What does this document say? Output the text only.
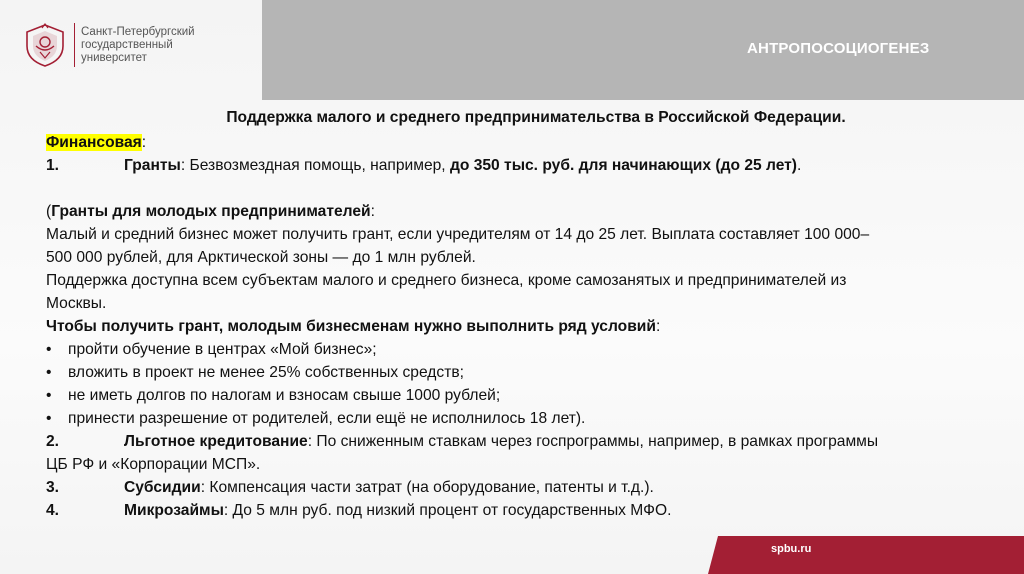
Санкт-Петербургский
государственный
университет
АНТРОПОСОЦИОГЕНЕЗ
Поддержка малого и среднего предпринимательства в Российской Федерации.
Финансовая:
1.	Гранты: Безвозмездная помощь, например, до 350 тыс. руб. для начинающих (до 25 лет).
(Гранты для молодых предпринимателей:
Малый и средний бизнес может получить грант, если учредителям от 14 до 25 лет. Выплата составляет 100 000–
500 000 рублей, для Арктической зоны — до 1 млн рублей.
Поддержка доступна всем субъектам малого и среднего бизнеса, кроме самозанятых и предпринимателей из
Москвы.
Чтобы получить грант, молодым бизнесменам нужно выполнить ряд условий:
• пройти обучение в центрах «Мой бизнес»;
• вложить в проект не менее 25% собственных средств;
• не иметь долгов по налогам и взносам свыше 1000 рублей;
• принести разрешение от родителей, если ещё не исполнилось 18 лет).
2.	Льготное кредитование: По сниженным ставкам через госпрограммы, например, в рамках программы
ЦБ РФ и «Корпорации МСП».
3.	Субсидии: Компенсация части затрат (на оборудование, патенты и т.д.).
4.	Микрозаймы: До 5 млн руб. под низкий процент от государственных МФО.
spbu.ru
